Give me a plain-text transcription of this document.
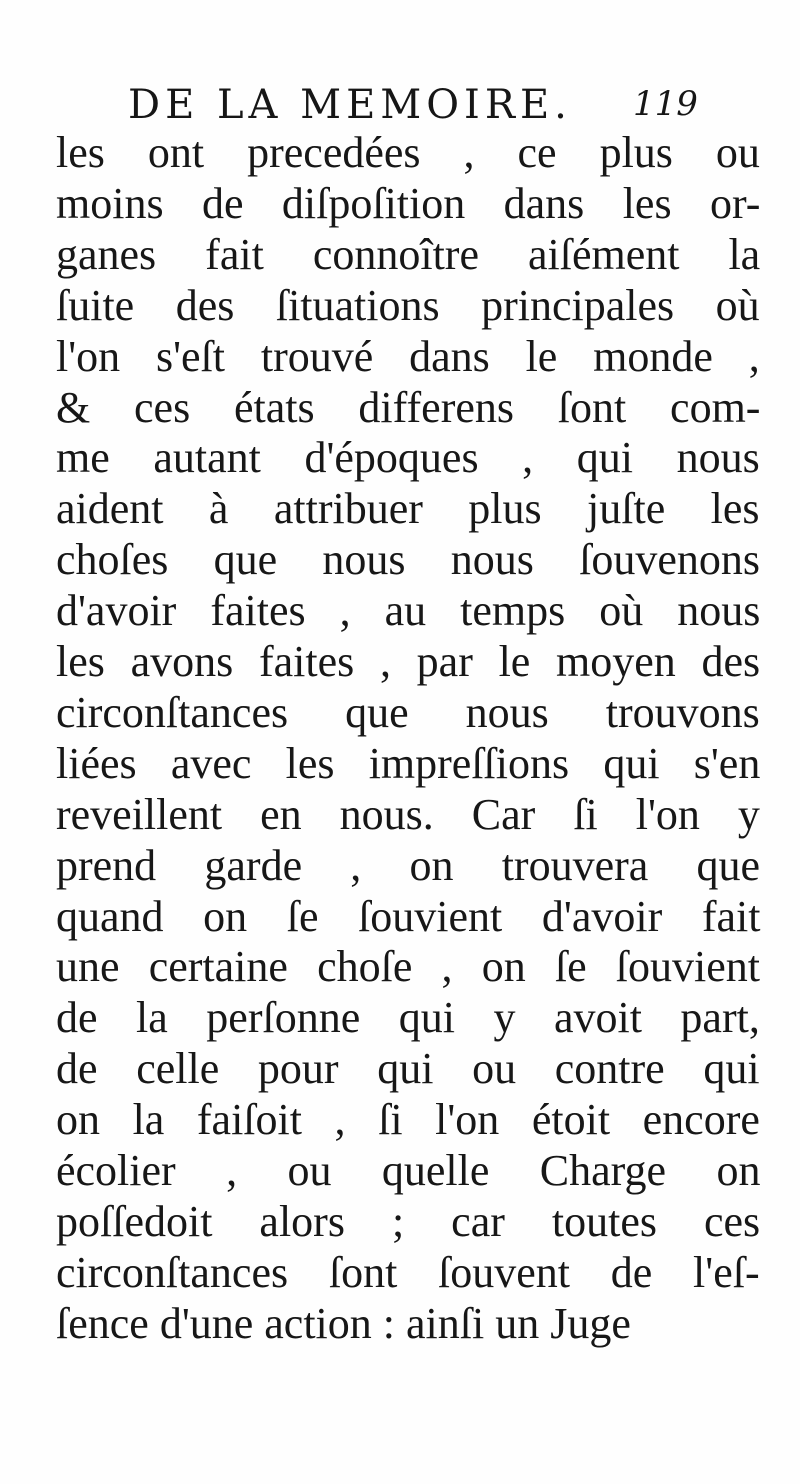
DE LA MEMOIRE. 119
les ont precedées , ce plus ou
moins de diſpoſition dans les or-
ganes fait connoître aiſément la
ſuite des ſituations principales où
l'on s'eſt trouvé dans le monde ,
& ces états differens ſont com-
me autant d'époques , qui nous
aident à attribuer plus juſte les
choſes que nous nous ſouvenons
d'avoir faites , au temps où nous
les avons faites , par le moyen des
circonſtances que nous trouvons
liées avec les impreſſions qui s'en
reveillent en nous. Car ſi l'on y
prend garde , on trouvera que
quand on ſe ſouvient d'avoir fait
une certaine choſe , on ſe ſouvient
de la perſonne qui y avoit part,
de celle pour qui ou contre qui
on la faiſoit , ſi l'on étoit encore
écolier , ou quelle Charge on
poſſedoit alors ; car toutes ces
circonſtances ſont ſouvent de l'eſ-
ſence d'une action : ainſi un Juge
